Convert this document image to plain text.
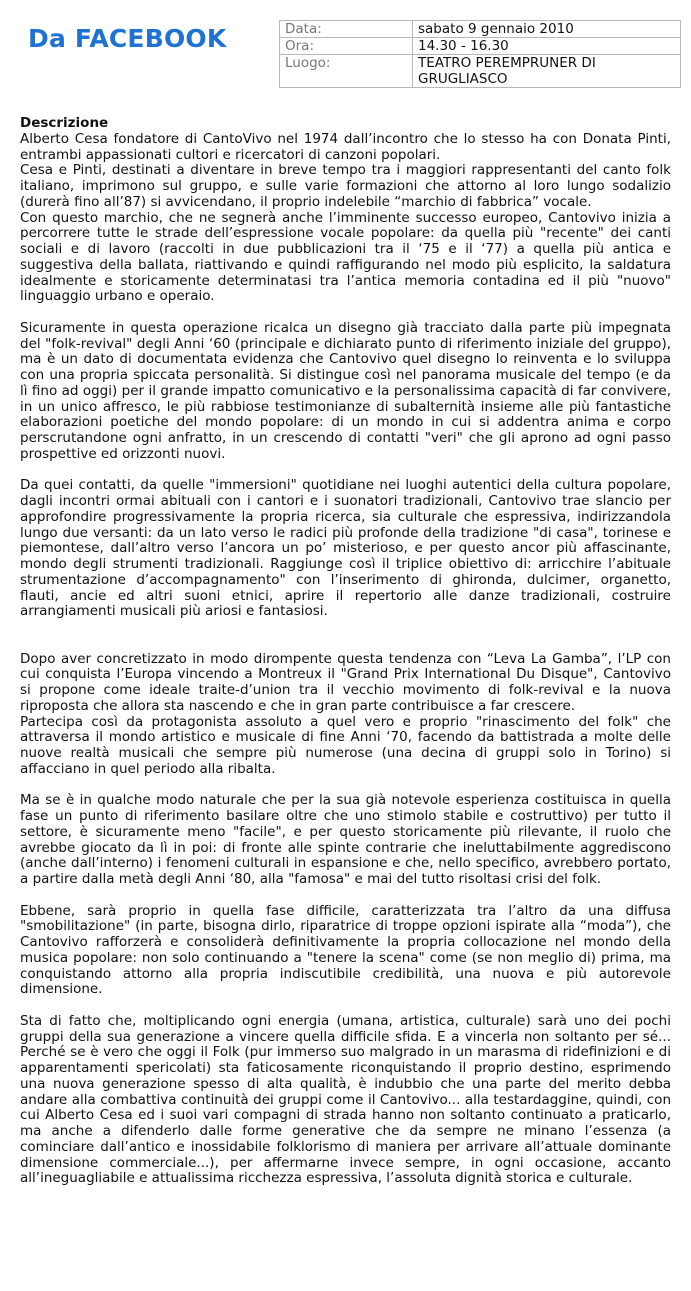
Da FACEBOOK	Data:	sabato 9 gennaio 2010
Ora:	14.30 - 16.30
Luogo:	TEATRO PEREMPRUNER DI GRUGLIASCO
Descrizione

Alberto Cesa fondatore di CantoVivo nel 1974 dall’incontro che lo stesso ha con Donata Pinti, entrambi appassionati cultori e ricercatori di canzoni popolari.

Cesa e Pinti, destinati a diventare in breve tempo tra i maggiori rappresentanti del canto folk italiano, imprimono sul gruppo, e sulle varie formazioni che attorno al loro lungo sodalizio (durerà fino all’87) si avvicendano, il proprio indelebile “marchio di fabbrica” vocale.

Con questo marchio, che ne segnerà anche l’imminente successo europeo, Cantovivo inizia a percorrere tutte le strade dell’espressione vocale popolare: da quella più "recente" dei canti sociali e di lavoro (raccolti in due pubblicazioni tra il ‘75 e il ‘77) a quella più antica e suggestiva della ballata, riattivando e quindi raffigurando nel modo più esplicito, la saldatura idealmente e storicamente determinatasi tra l’antica memoria contadina ed il più "nuovo" linguaggio urbano e operaio.

Sicuramente in questa operazione ricalca un disegno già tracciato dalla parte più impegnata del "folk-revival" degli Anni ‘60 (principale e dichiarato punto di riferimento iniziale del gruppo), ma è un dato di documentata evidenza che Cantovivo quel disegno lo reinventa e lo sviluppa con una propria spiccata personalità. Si distingue così nel panorama musicale del tempo (e da lì fino ad oggi) per il grande impatto comunicativo e la personalissima capacità di far convivere, in un unico affresco, le più rabbiose testimonianze di subalternità insieme alle più fantastiche elaborazioni poetiche del mondo popolare: di un mondo in cui si addentra anima e corpo perscrutandone ogni anfratto, in un crescendo di contatti "veri" che gli aprono ad ogni passo prospettive ed orizzonti nuovi.

Da quei contatti, da quelle "immersioni" quotidiane nei luoghi autentici della cultura popolare, dagli incontri ormai abituali con i cantori e i suonatori tradizionali, Cantovivo trae slancio per approfondire progressivamente la propria ricerca, sia culturale che espressiva, indirizzandola lungo due versanti: da un lato verso le radici più profonde della tradizione "di casa", torinese e piemontese, dall’altro verso l’ancora un po’ misterioso, e per questo ancor più affascinante, mondo degli strumenti tradizionali. Raggiunge così il triplice obiettivo di: arricchire l’abituale strumentazione d’accompagnamento" con l’inserimento di ghironda, dulcimer, organetto, flauti, ancie ed altri suoni etnici, aprire il repertorio alle danze tradizionali, costruire arrangiamenti musicali più ariosi e fantasiosi.

Dopo aver concretizzato in modo dirompente questa tendenza con “Leva La Gamba”, l’LP con cui conquista l’Europa vincendo a Montreux il "Grand Prix International Du Disque", Cantovivo si propone come ideale traite-d’union tra il vecchio movimento di folk-revival e la nuova riproposta che allora sta nascendo e che in gran parte contribuisce a far crescere.

Partecipa così da protagonista assoluto a quel vero e proprio "rinascimento del folk" che attraversa il mondo artistico e musicale di fine Anni ‘70, facendo da battistrada a molte delle nuove realtà musicali che sempre più numerose (una decina di gruppi solo in Torino) si affacciano in quel periodo alla ribalta.

Ma se è in qualche modo naturale che per la sua già notevole esperienza costituisca in quella fase un punto di riferimento basilare oltre che uno stimolo stabile e costruttivo) per tutto il settore, è sicuramente meno "facile", e per questo storicamente più rilevante, il ruolo che avrebbe giocato da lì in poi: di fronte alle spinte contrarie che ineluttabilmente aggrediscono (anche dall’interno) i fenomeni culturali in espansione e che, nello specifico, avrebbero portato, a partire dalla metà degli Anni ‘80, alla "famosa" e mai del tutto risoltasi crisi del folk.

Ebbene, sarà proprio in quella fase difficile, caratterizzata tra l’altro da una diffusa "smobilitazione" (in parte, bisogna dirlo, riparatrice di troppe opzioni ispirate alla “moda”), che Cantovivo rafforzerà e consoliderà definitivamente la propria collocazione nel mondo della musica popolare: non solo continuando a "tenere la scena" come (se non meglio di) prima, ma conquistando attorno alla propria indiscutibile credibilità, una nuova e più autorevole dimensione.

Sta di fatto che, moltiplicando ogni energia (umana, artistica, culturale) sarà uno dei pochi gruppi della sua generazione a vincere quella difficile sfida. E a vincerla non soltanto per sé... Perché se è vero che oggi il Folk (pur immerso suo malgrado in un marasma di ridefinizioni e di apparentamenti spericolati) sta faticosamente riconquistando il proprio destino, esprimendo una nuova generazione spesso di alta qualità, è indubbio che una parte del merito debba andare alla combattiva continuità dei gruppi come il Cantovivo... alla testardaggine, quindi, con cui Alberto Cesa ed i suoi vari compagni di strada hanno non soltanto continuato a praticarlo, ma anche a difenderlo dalle forme generative che da sempre ne minano l’essenza (a cominciare dall’antico e inossidabile folklorismo di maniera per arrivare all’attuale dominante dimensione commerciale...), per affermarne invece sempre, in ogni occasione, accanto all’ineguagliabile e attualissima ricchezza espressiva, l’assoluta dignità storica e culturale.
